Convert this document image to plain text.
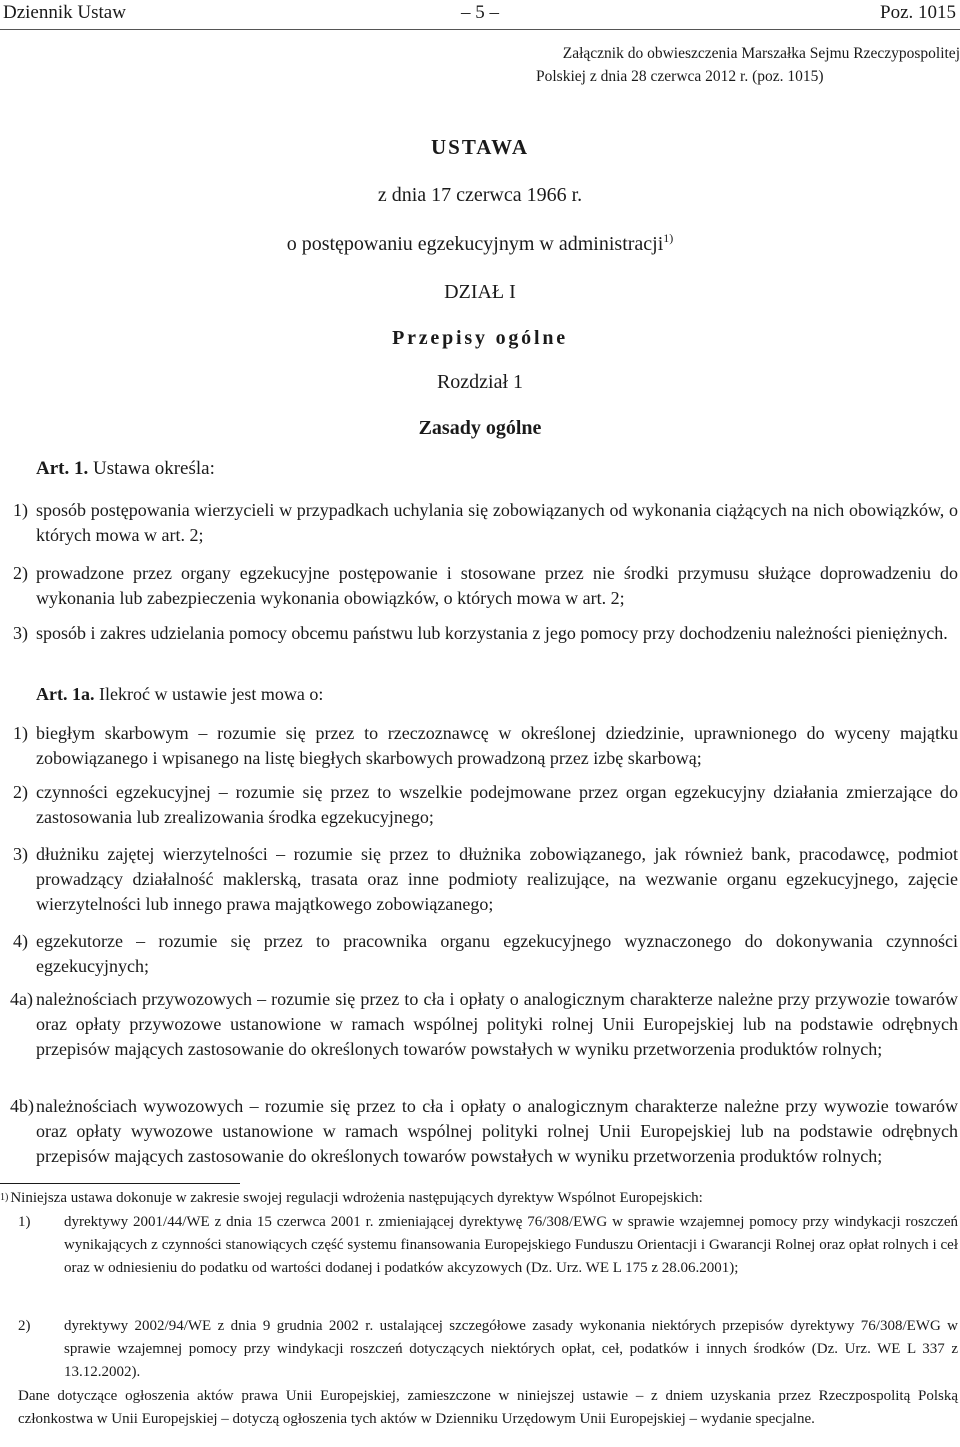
Dziennik Ustaw	– 5 –	Poz. 1015
Załącznik do obwieszczenia Marszałka Sejmu Rzeczypospolitej
Polskiej z dnia 28 czerwca 2012 r. (poz. 1015)
USTAWA
z dnia 17 czerwca 1966 r.
o postępowaniu egzekucyjnym w administracji$^{1)}$
DZIAŁ I
Przepisy ogólne
Rozdział 1
Zasady ogólne
Art. 1. Ustawa określa:
1) sposób postępowania wierzycieli w przypadkach uchylania się zobowiązanych od wykonania ciążących na nich obowiązków, o których mowa w art. 2;
2) prowadzone przez organy egzekucyjne postępowanie i stosowane przez nie środki przymusu służące doprowadzeniu do wykonania lub zabezpieczenia wykonania obowiązków, o których mowa w art. 2;
3) sposób i zakres udzielania pomocy obcemu państwu lub korzystania z jego pomocy przy dochodzeniu należności pieniężnych.
Art. 1a. Ilekroć w ustawie jest mowa o:
1) biegłym skarbowym – rozumie się przez to rzeczoznawcę w określonej dziedzinie, uprawnionego do wyceny majątku zobowiązanego i wpisanego na listę biegłych skarbowych prowadzoną przez izbę skarbową;
2) czynności egzekucyjnej – rozumie się przez to wszelkie podejmowane przez organ egzekucyjny działania zmierzające do zastosowania lub zrealizowania środka egzekucyjnego;
3) dłużniku zajętej wierzytelności – rozumie się przez to dłużnika zobowiązanego, jak również bank, pracodawcę, podmiot prowadzący działalność maklerską, trasata oraz inne podmioty realizujące, na wezwanie organu egzekucyjnego, zajęcie wierzytelności lub innego prawa majątkowego zobowiązanego;
4) egzekutorze – rozumie się przez to pracownika organu egzekucyjnego wyznaczonego do dokonywania czynności egzekucyjnych;
4a) należnościach przywozowych – rozumie się przez to cła i opłaty o analogicznym charakterze należne przy przywozie towarów oraz opłaty przywozowe ustanowione w ramach wspólnej polityki rolnej Unii Europejskiej lub na podstawie odrębnych przepisów mających zastosowanie do określonych towarów powstałych w wyniku przetworzenia produktów rolnych;
4b) należnościach wywozowych – rozumie się przez to cła i opłaty o analogicznym charakterze należne przy wywozie towarów oraz opłaty wywozowe ustanowione w ramach wspólnej polityki rolnej Unii Europejskiej lub na podstawie odrębnych przepisów mających zastosowanie do określonych towarów powstałych w wyniku przetworzenia produktów rolnych;
$^{1)}$ Niniejsza ustawa dokonuje w zakresie swojej regulacji wdrożenia następujących dyrektyw Wspólnot Europejskich:
1) dyrektywy 2001/44/WE z dnia 15 czerwca 2001 r. zmieniającej dyrektywę 76/308/EWG w sprawie wzajemnej pomocy przy windykacji roszczeń wynikających z czynności stanowiących część systemu finansowania Europejskiego Funduszu Orientacji i Gwarancji Rolnej oraz opłat rolnych i ceł oraz w odniesieniu do podatku od wartości dodanej i podatków akcyzowych (Dz. Urz. WE L 175 z 28.06.2001);
2) dyrektywy 2002/94/WE z dnia 9 grudnia 2002 r. ustalającej szczegółowe zasady wykonania niektórych przepisów dyrektywy 76/308/EWG w sprawie wzajemnej pomocy przy windykacji roszczeń dotyczących niektórych opłat, ceł, podatków i innych środków (Dz. Urz. WE L 337 z 13.12.2002).
Dane dotyczące ogłoszenia aktów prawa Unii Europejskiej, zamieszczone w niniejszej ustawie – z dniem uzyskania przez Rzeczpospolitą Polską członkostwa w Unii Europejskiej – dotyczą ogłoszenia tych aktów w Dzienniku Urzędowym Unii Europejskiej – wydanie specjalne.
